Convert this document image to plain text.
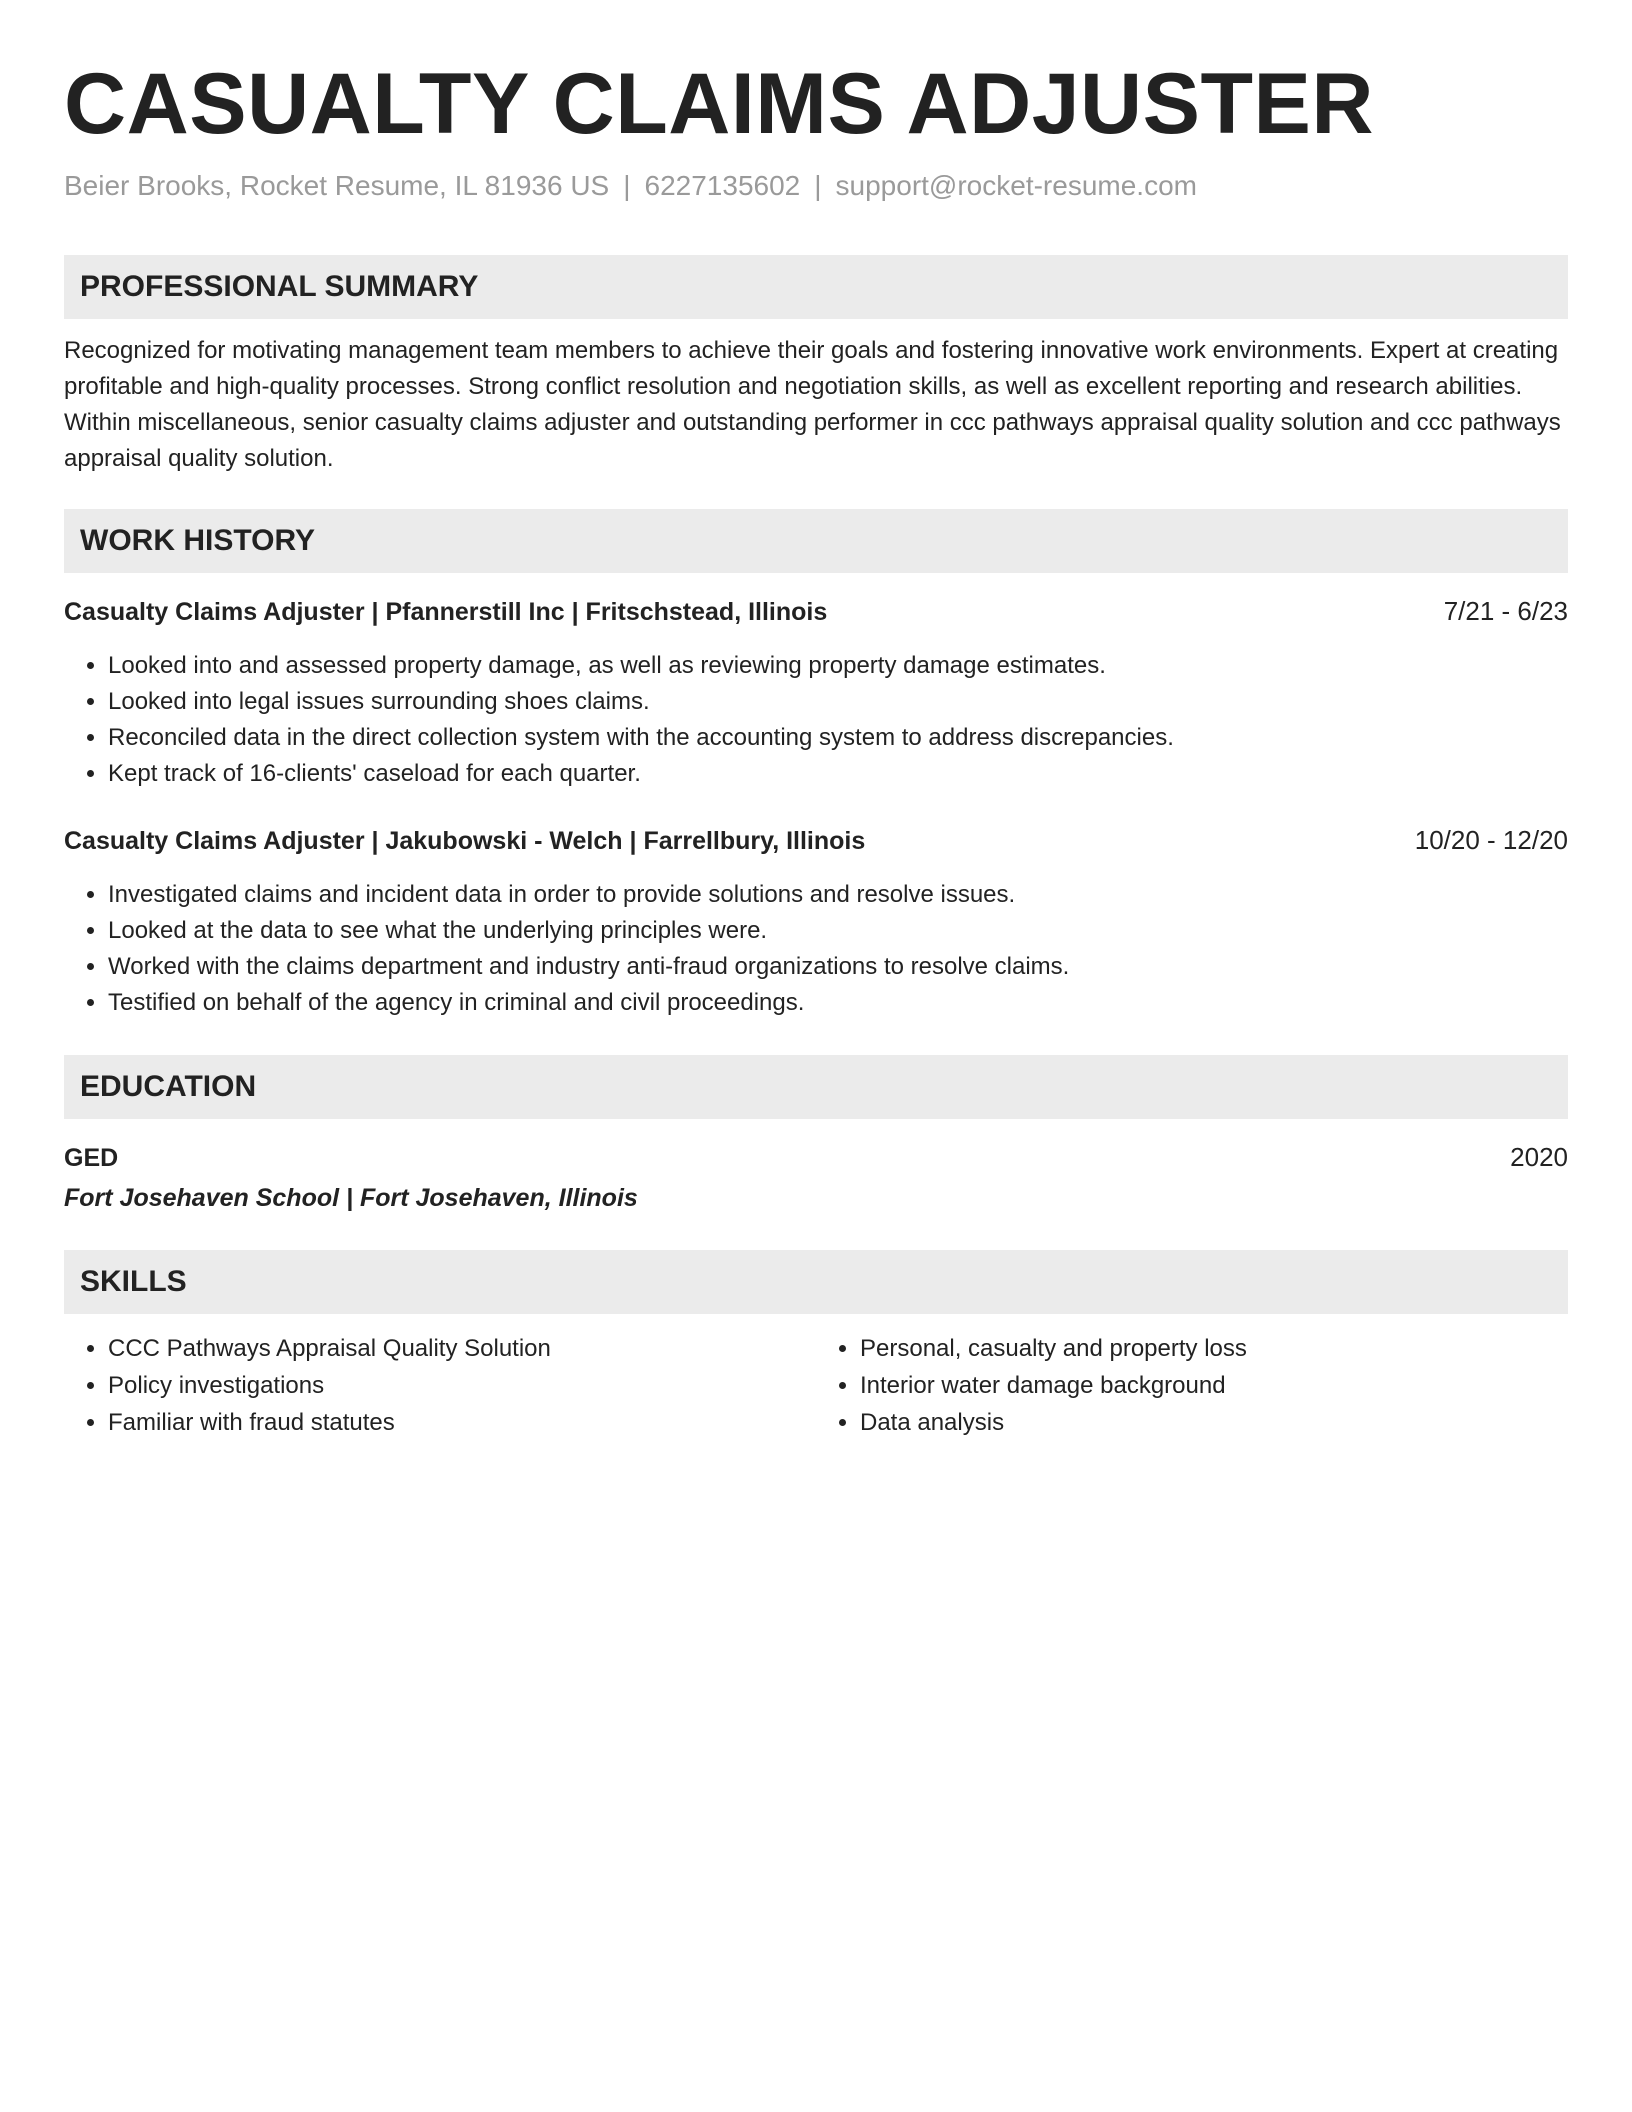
CASUALTY CLAIMS ADJUSTER
Beier Brooks, Rocket Resume, IL 81936 US | 6227135602 | support@rocket-resume.com
PROFESSIONAL SUMMARY
Recognized for motivating management team members to achieve their goals and fostering innovative work environments. Expert at creating profitable and high-quality processes. Strong conflict resolution and negotiation skills, as well as excellent reporting and research abilities. Within miscellaneous, senior casualty claims adjuster and outstanding performer in ccc pathways appraisal quality solution and ccc pathways appraisal quality solution.
WORK HISTORY
Casualty Claims Adjuster | Pfannerstill Inc | Fritschstead, Illinois	7/21 - 6/23
• Looked into and assessed property damage, as well as reviewing property damage estimates.
• Looked into legal issues surrounding shoes claims.
• Reconciled data in the direct collection system with the accounting system to address discrepancies.
• Kept track of 16-clients' caseload for each quarter.
Casualty Claims Adjuster | Jakubowski - Welch | Farrellbury, Illinois	10/20 - 12/20
• Investigated claims and incident data in order to provide solutions and resolve issues.
• Looked at the data to see what the underlying principles were.
• Worked with the claims department and industry anti-fraud organizations to resolve claims.
• Testified on behalf of the agency in criminal and civil proceedings.
EDUCATION
GED	2020
Fort Josehaven School | Fort Josehaven, Illinois
SKILLS
• CCC Pathways Appraisal Quality Solution
• Policy investigations
• Familiar with fraud statutes
• Personal, casualty and property loss
• Interior water damage background
• Data analysis
